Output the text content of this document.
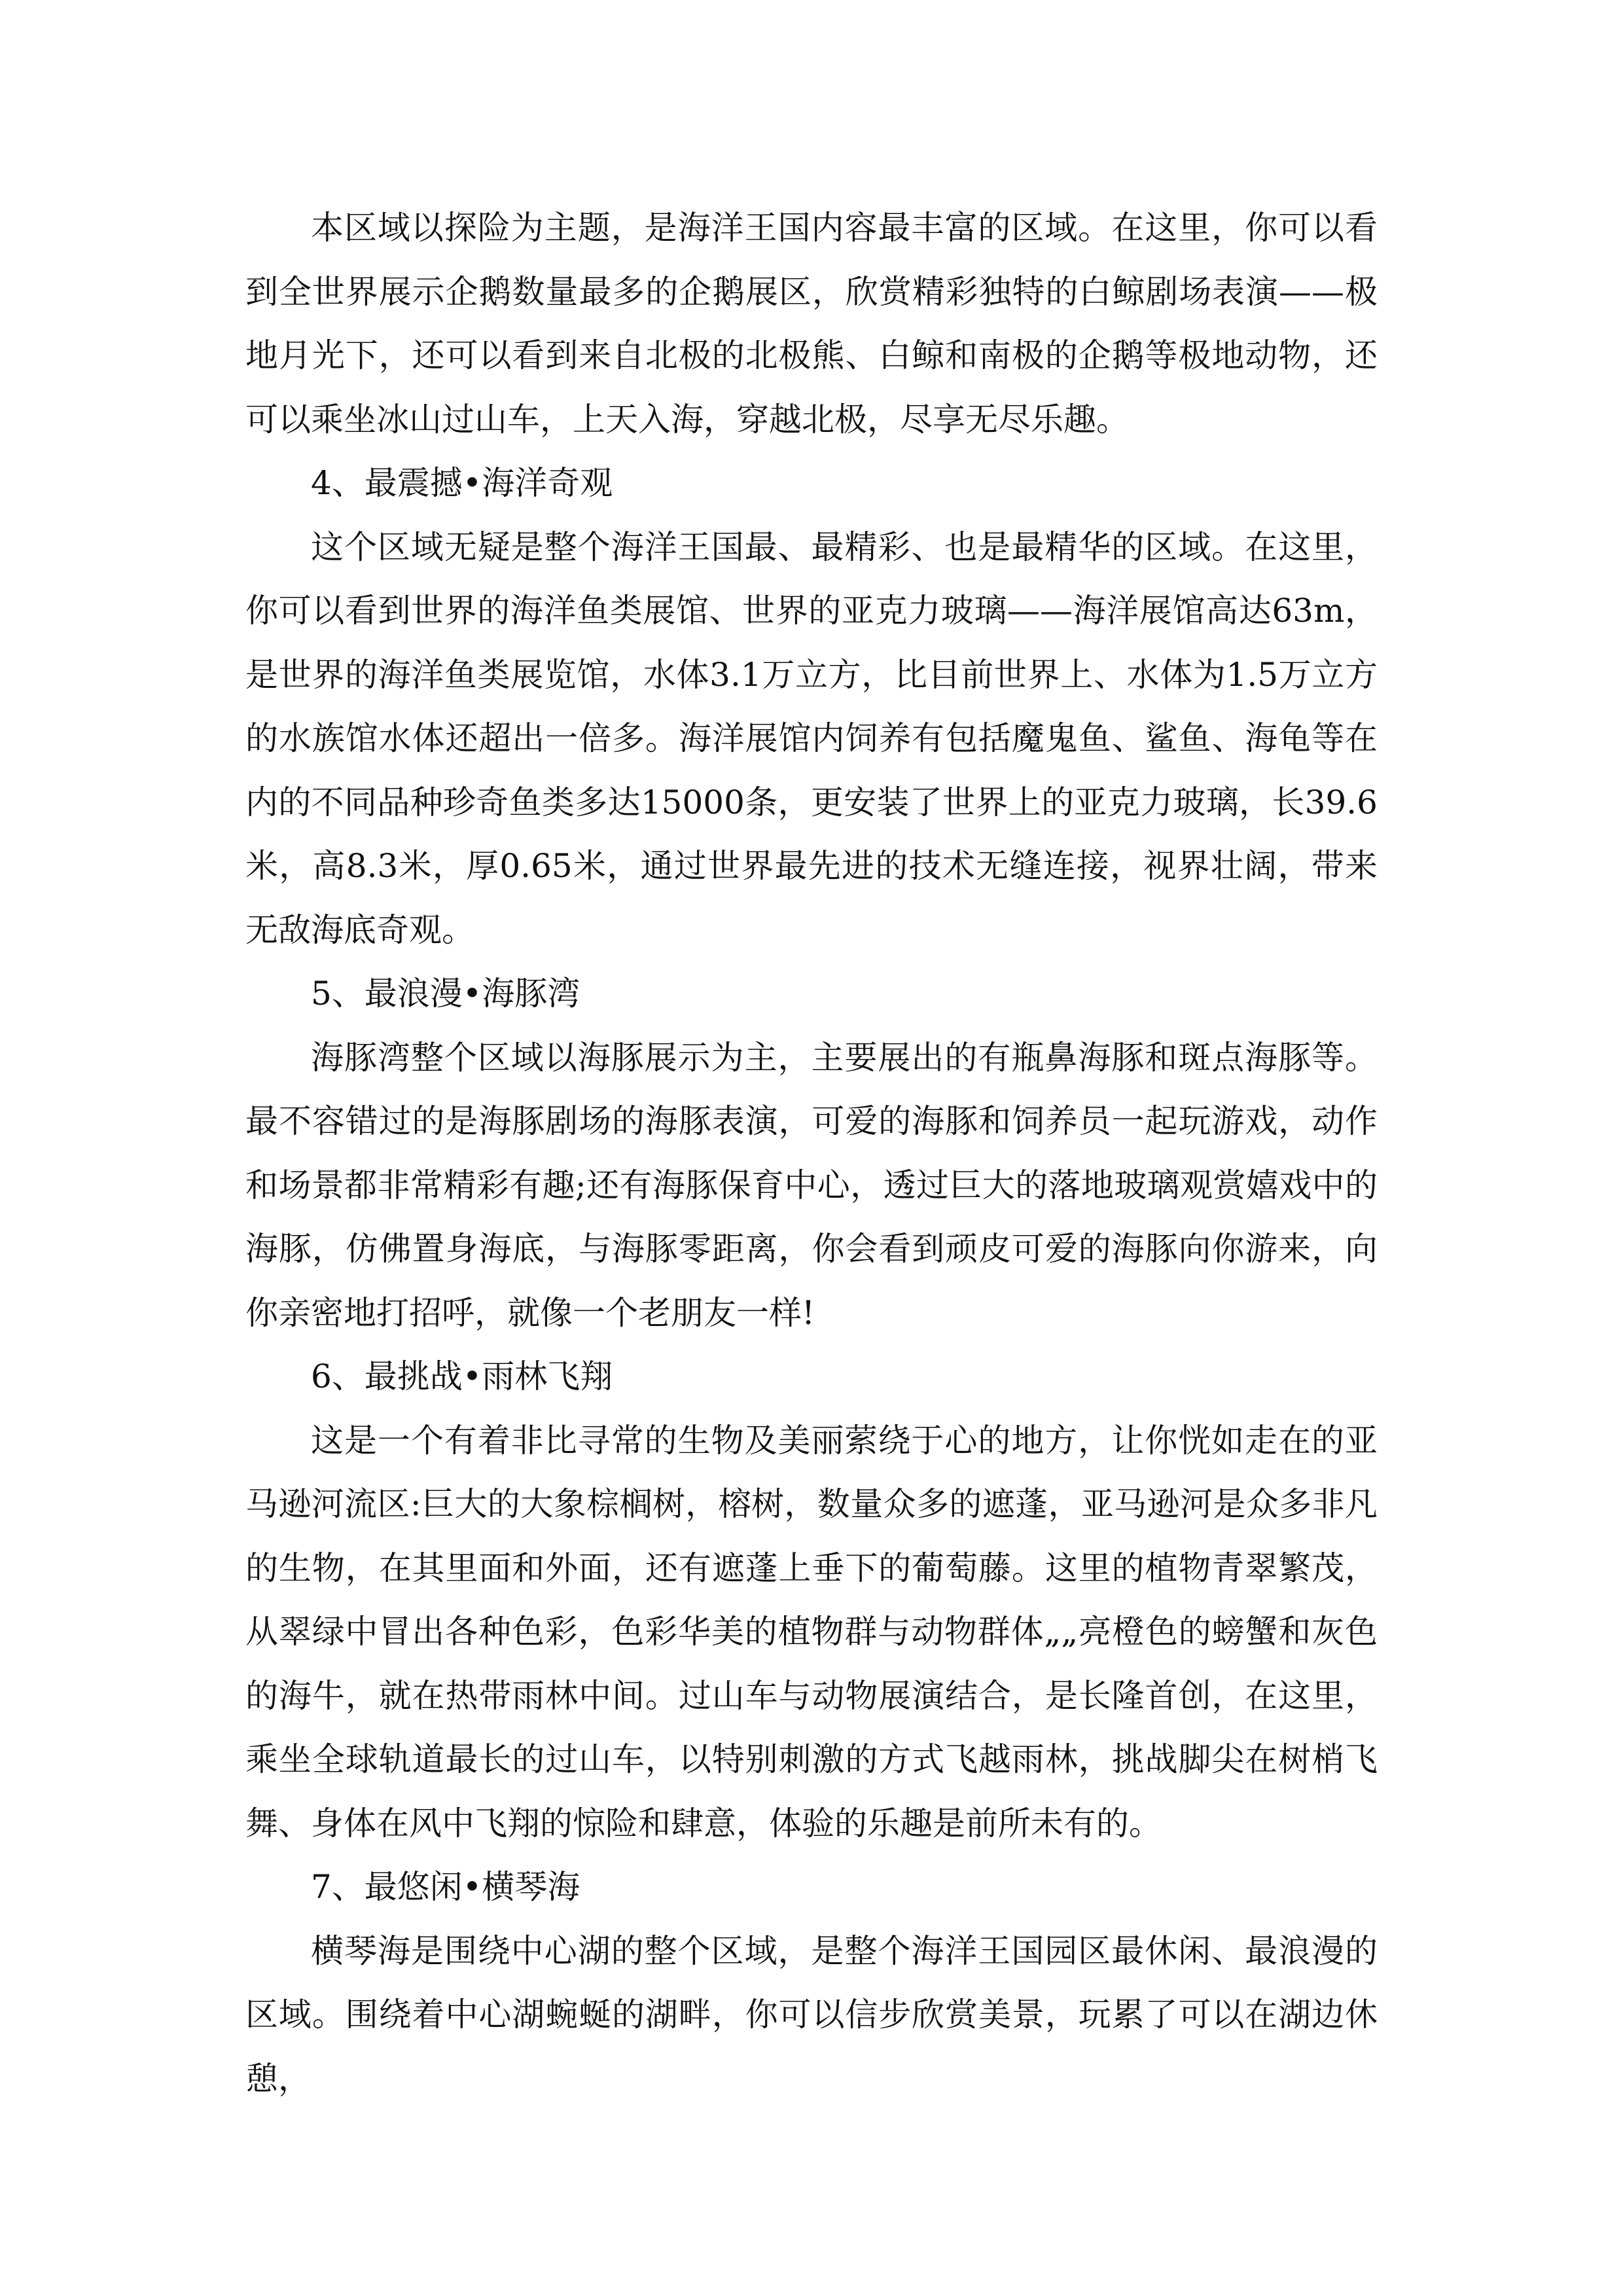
本区域以探险为主题，是海洋王国内容最丰富的区域。在这里，你可以看到全世界展示企鹅数量最多的企鹅展区，欣赏精彩独特的白鲸剧场表演——极地月光下，还可以看到来自北极的北极熊、白鲸和南极的企鹅等极地动物，还可以乘坐冰山过山车，上天入海，穿越北极，尽享无尽乐趣。

4、最震撼•海洋奇观

这个区域无疑是整个海洋王国最、最精彩、也是最精华的区域。在这里，你可以看到世界的海洋鱼类展馆、世界的亚克力玻璃——海洋展馆高达63m，是世界的海洋鱼类展览馆，水体3.1万立方，比目前世界上、水体为1.5万立方的水族馆水体还超出一倍多。海洋展馆内饲养有包括魔鬼鱼、鲨鱼、海龟等在内的不同品种珍奇鱼类多达15000条，更安装了世界上的亚克力玻璃，长39.6米，高8.3米，厚0.65米，通过世界最先进的技术无缝连接，视界壮阔，带来无敌海底奇观。

5、最浪漫•海豚湾

海豚湾整个区域以海豚展示为主，主要展出的有瓶鼻海豚和斑点海豚等。最不容错过的是海豚剧场的海豚表演，可爱的海豚和饲养员一起玩游戏，动作和场景都非常精彩有趣;还有海豚保育中心，透过巨大的落地玻璃观赏嬉戏中的海豚，仿佛置身海底，与海豚零距离，你会看到顽皮可爱的海豚向你游来，向你亲密地打招呼，就像一个老朋友一样!

6、最挑战•雨林飞翔

这是一个有着非比寻常的生物及美丽萦绕于心的地方，让你恍如走在的亚马逊河流区:巨大的大象棕榈树，榕树，数量众多的遮蓬，亚马逊河是众多非凡的生物，在其里面和外面，还有遮蓬上垂下的葡萄藤。这里的植物青翠繁茂，从翠绿中冒出各种色彩，色彩华美的植物群与动物群体„„亮橙色的螃蟹和灰色的海牛，就在热带雨林中间。过山车与动物展演结合，是长隆首创，在这里，乘坐全球轨道最长的过山车，以特别刺激的方式飞越雨林，挑战脚尖在树梢飞舞、身体在风中飞翔的惊险和肆意，体验的乐趣是前所未有的。

7、最悠闲•横琴海

横琴海是围绕中心湖的整个区域，是整个海洋王国园区最休闲、最浪漫的区域。围绕着中心湖蜿蜒的湖畔，你可以信步欣赏美景，玩累了可以在湖边休憩，
